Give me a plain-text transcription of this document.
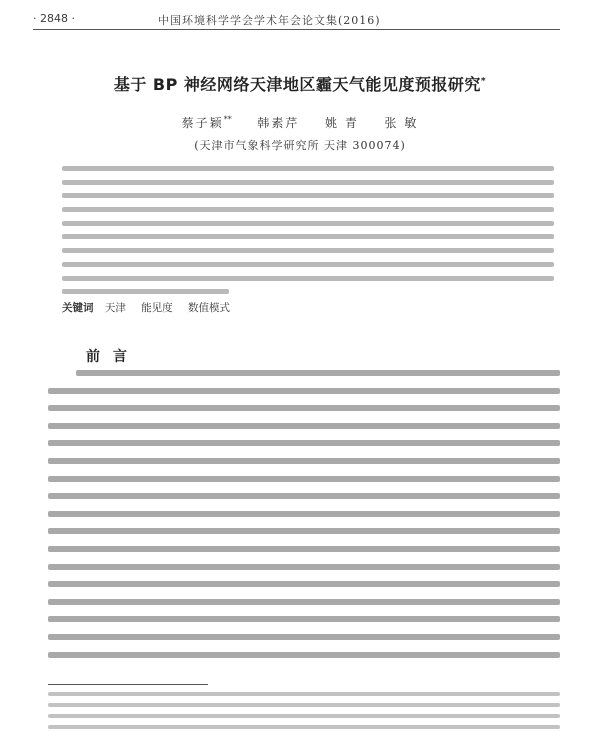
· 2848 ·	中国环境科学学会学术年会论文集(2016)
基于 BP 神经网络天津地区霾天气能见度预报研究*
蔡子颖** 韩素芹 姚 青 张 敏
(天津市气象科学研究所 天津 300074)
关键词 天津 能见度 数值模式
前 言
